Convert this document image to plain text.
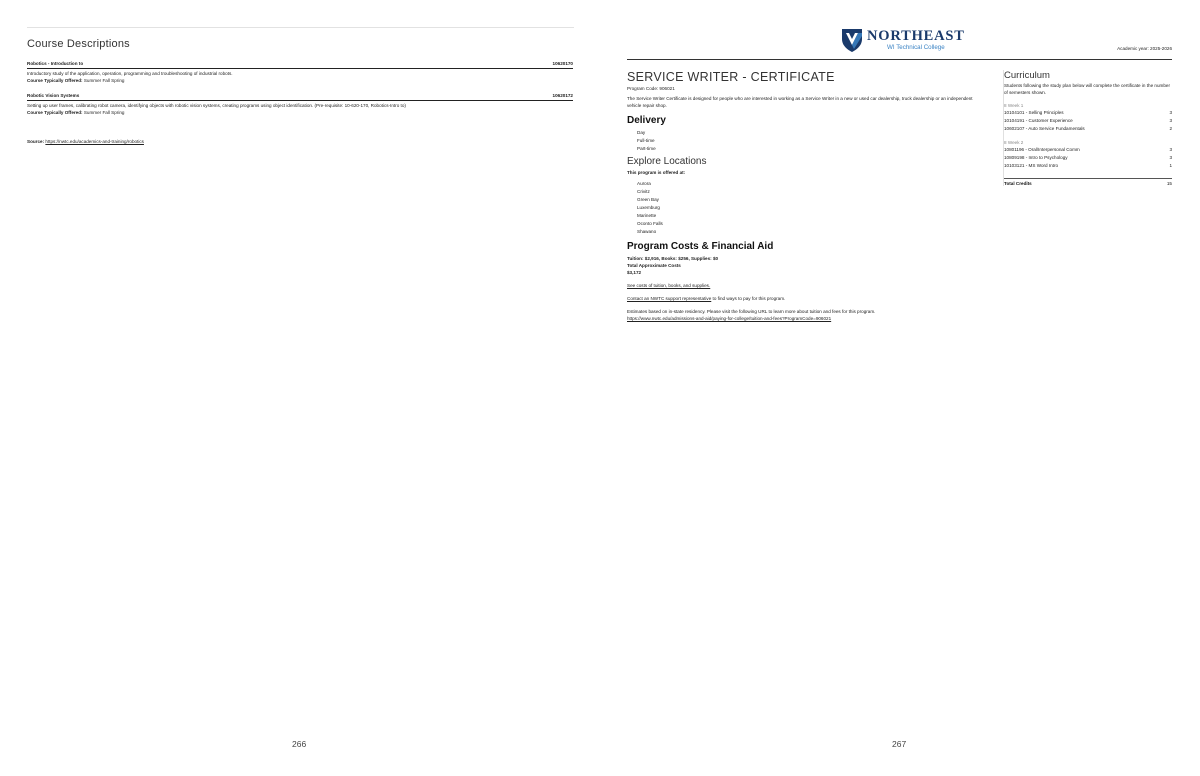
Course Descriptions
Robotics - Introduction to	10620170
Introductory study of the application, operation, programming and troubleshooting of industrial robots.
Course Typically Offered: Summer Fall Spring
Robotic Vision Systems	10620172
Setting up user frames, calibrating robot camera, identifying objects with robotic vision systems, creating programs using object identification. (Pre-requisite: 10-620-170, Robotics-Intro to)
Course Typically Offered: Summer Fall Spring
Source: https://nwtc.edu/academics-and-training/robotics
266
NORTHEAST
WI Technical College	Academic year: 2025-2026
SERVICE WRITER - CERTIFICATE
Program Code: 906021
The Service Writer Certificate is designed for people who are interested in working as a Service Writer in a new or used car dealership, truck dealership or an independent vehicle repair shop.
Delivery
Day
Full-time
Part-time
Explore Locations
This program is offered at:
Aurora
Crivitz
Green Bay
Luxemburg
Marinette
Oconto Falls
Shawano
Program Costs & Financial Aid
Tuition: $2,916, Books: $256, Supplies: $0
Total Approximate Costs
$3,172
See costs of tuition, books, and supplies.
Contact an NWTC support representative to find ways to pay for this program.
Estimates based on in-state residency. Please visit the following URL to learn more about tuition and fees for this program.
https://www.nwtc.edu/admissions-and-aid/paying-for-college/tuition-and-fees?ProgramCode=906021
Curriculum
Students following the study plan below will complete the certificate in the number of semesters shown.
8 Week 1
10104101 - Selling Principles	3
10104191 - Customer Experience	3
10602107 - Auto Service Fundamentals	2
8 Week 2
10801196 - Oral/Interpersonal Comm	3
10809198 - Intro to Psychology	3
10103121 - MS Word Intro	1
Total Credits	15
267
